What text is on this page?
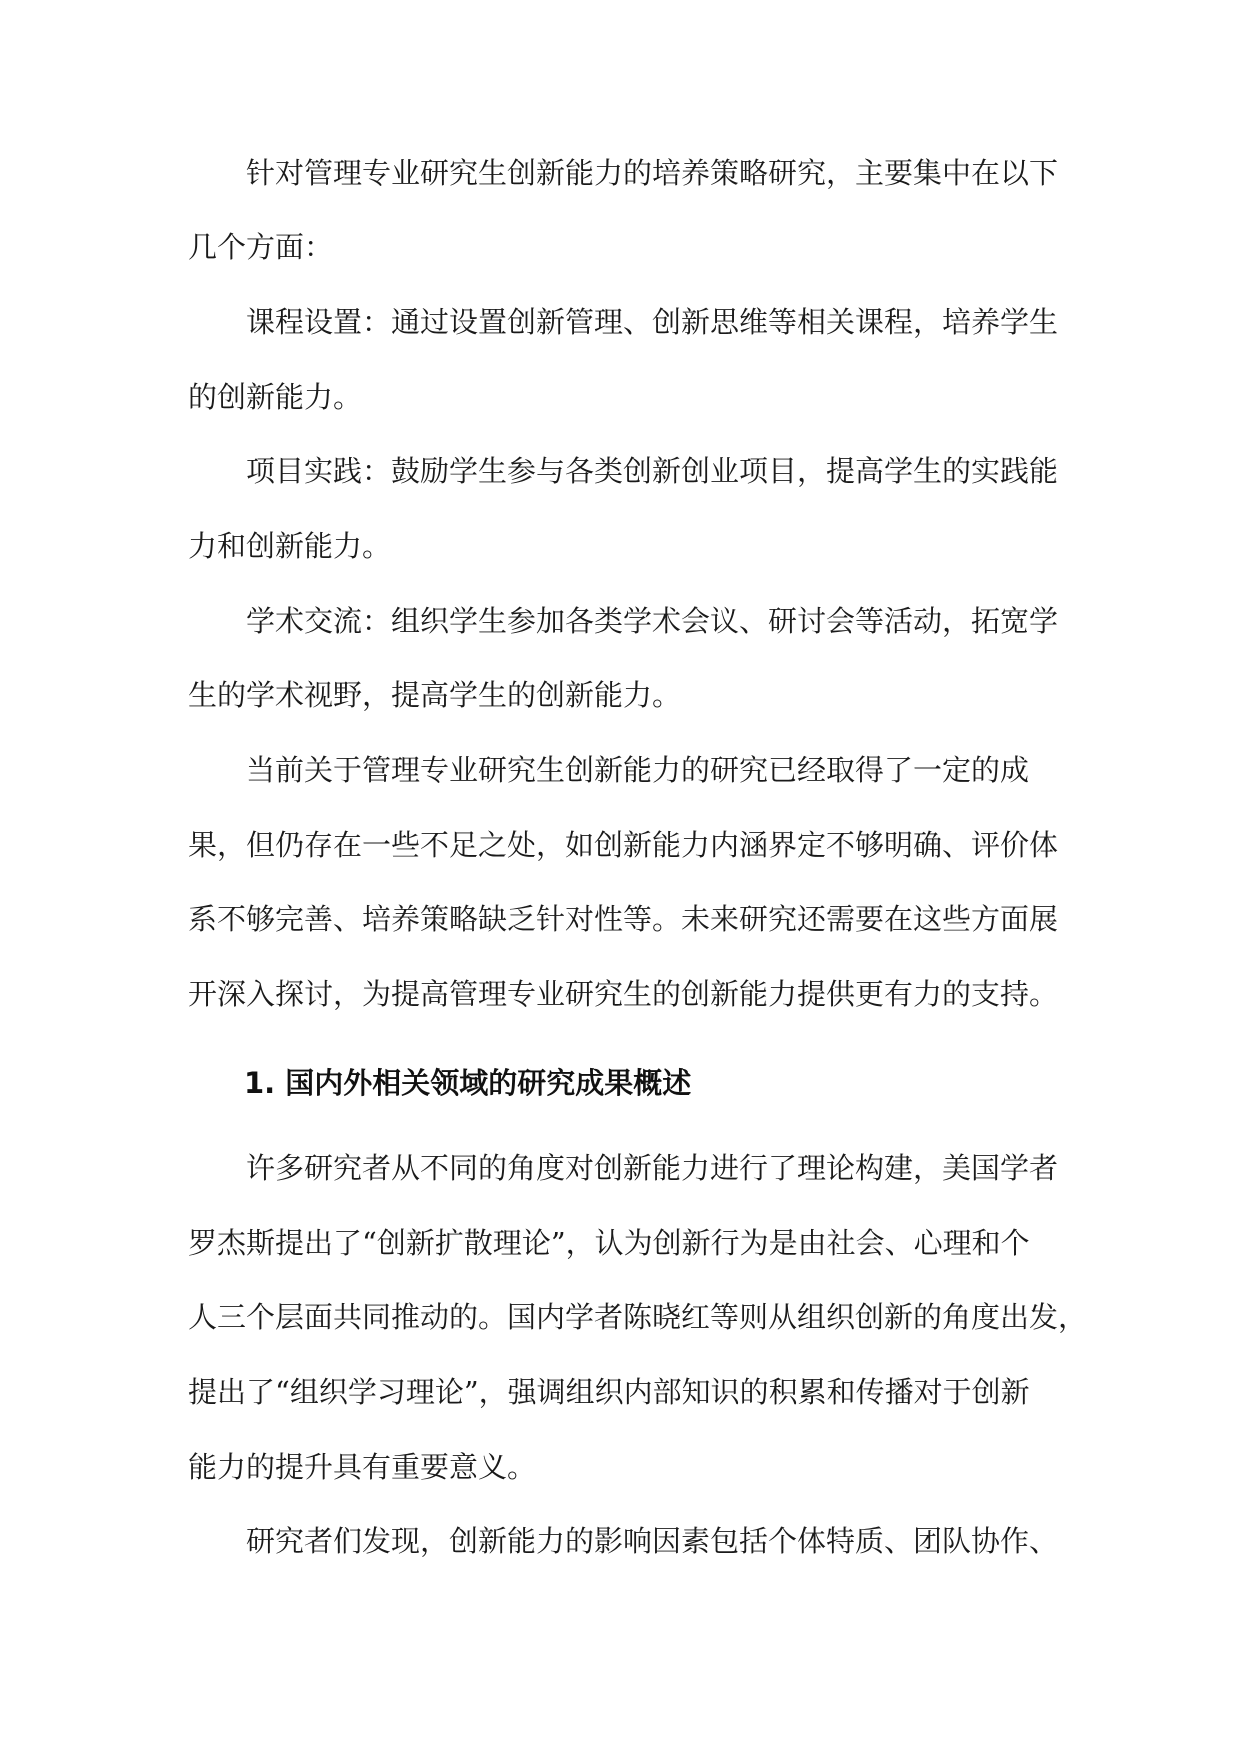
针对管理专业研究生创新能力的培养策略研究，主要集中在以下
几个方面：
课程设置：通过设置创新管理、创新思维等相关课程，培养学生
的创新能力。
项目实践：鼓励学生参与各类创新创业项目，提高学生的实践能
力和创新能力。
学术交流：组织学生参加各类学术会议、研讨会等活动，拓宽学
生的学术视野，提高学生的创新能力。
当前关于管理专业研究生创新能力的研究已经取得了一定的成
果，但仍存在一些不足之处，如创新能力内涵界定不够明确、评价体
系不够完善、培养策略缺乏针对性等。未来研究还需要在这些方面展
开深入探讨，为提高管理专业研究生的创新能力提供更有力的支持。
1. 国内外相关领域的研究成果概述
许多研究者从不同的角度对创新能力进行了理论构建，美国学者
罗杰斯提出了“创新扩散理论”，认为创新行为是由社会、心理和个
人三个层面共同推动的。国内学者陈晓红等则从组织创新的角度出发，
提出了“组织学习理论”，强调组织内部知识的积累和传播对于创新
能力的提升具有重要意义。
研究者们发现，创新能力的影响因素包括个体特质、团队协作、
